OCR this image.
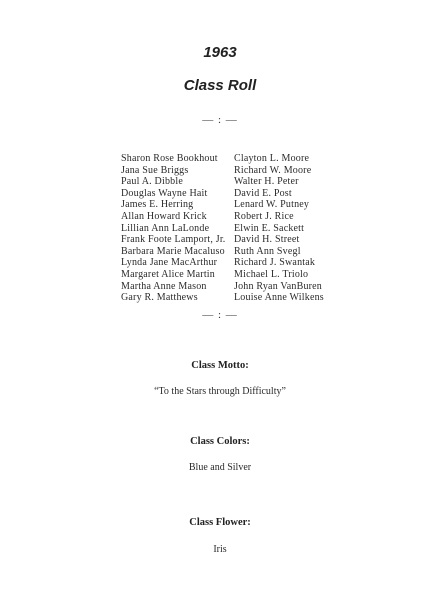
1963
Class Roll
— : —
Sharon Rose Bookhout
Jana Sue Briggs
Paul A. Dibble
Douglas Wayne Hait
James E. Herring
Allan Howard Krick
Lillian Ann LaLonde
Frank Foote Lamport, Jr.
Barbara Marie Macaluso
Lynda Jane MacArthur
Margaret Alice Martin
Martha Anne Mason
Gary R. Matthews
Clayton L. Moore
Richard W. Moore
Walter H. Peter
David E. Post
Lenard W. Putney
Robert J. Rice
Elwin E. Sackett
David H. Street
Ruth Ann Svegl
Richard J. Swantak
Michael L. Triolo
John Ryan VanBuren
Louise Anne Wilkens
— : —
Class Motto:
“To the Stars through Difficulty”
Class Colors:
Blue and Silver
Class Flower:
Iris
